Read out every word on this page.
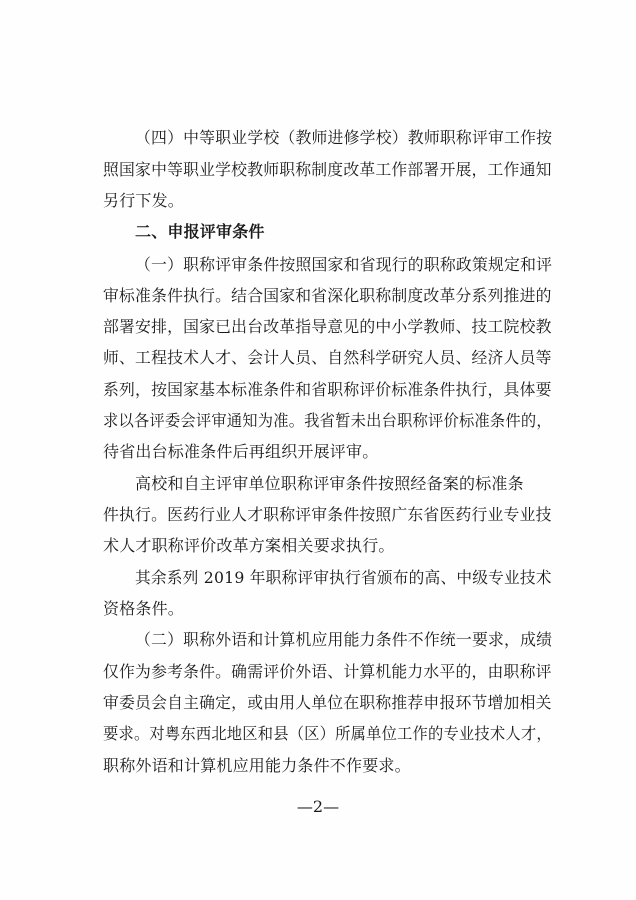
（四）中等职业学校（教师进修学校）教师职称评审工作按
照国家中等职业学校教师职称制度改革工作部署开展，工作通知
另行下发。
二、申报评审条件
（一）职称评审条件按照国家和省现行的职称政策规定和评
审标准条件执行。结合国家和省深化职称制度改革分系列推进的
部署安排，国家已出台改革指导意见的中小学教师、技工院校教
师、工程技术人才、会计人员、自然科学研究人员、经济人员等
系列，按国家基本标准条件和省职称评价标准条件执行，具体要
求以各评委会评审通知为准。我省暂未出台职称评价标准条件的，
待省出台标准条件后再组织开展评审。
高校和自主评审单位职称评审条件按照经备案的标准条
件执行。医药行业人才职称评审条件按照广东省医药行业专业技
术人才职称评价改革方案相关要求执行。
其余系列 2019 年职称评审执行省颁布的高、中级专业技术
资格条件。
（二）职称外语和计算机应用能力条件不作统一要求，成绩
仅作为参考条件。确需评价外语、计算机能力水平的，由职称评
审委员会自主确定，或由用人单位在职称推荐申报环节增加相关
要求。对粤东西北地区和县（区）所属单位工作的专业技术人才，
职称外语和计算机应用能力条件不作要求。
—2—
